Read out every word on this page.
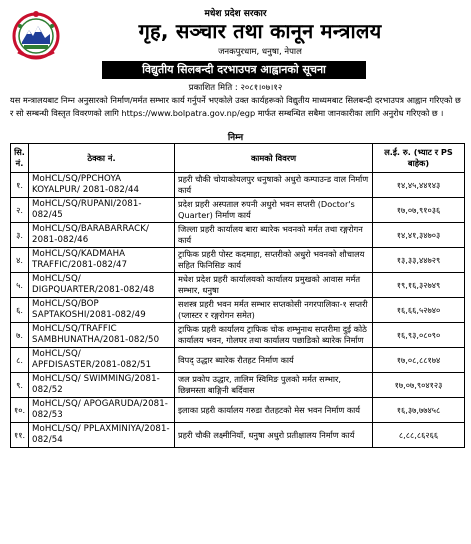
मधेश प्रदेश सरकार
गृह, सञ्चार तथा कानून मन्त्रालय
जनकपुरधाम, धनुषा, नेपाल
विद्युतीय सिलबन्दी दरभाउपत्र आह्वानको सूचना
प्रकाशित मिति : २०८१।०७।१२

यस मन्त्रालयबाट निम्न अनुसारको निर्माण/मर्मत सम्भार कार्य गर्नुपर्ने भएकोले उक्त कार्यहरूको विद्युतीय माध्यमबाट सिलबन्दी दरभाउपत्र आह्वान गरिएको छ र सो सम्बन्धी विस्तृत विवरणको लागि https://www.bolpatra.gov.np/egp मार्फत सम्बन्धित सबैमा जानकारीका लागि अनुरोध गरिएको छ ।

निम्न
सि. नं.	ठेक्का नं.	कामको विवरण	ल.ई. रु. (भ्याट र PS बाहेक)
१.	MoHCL/SQ/PPCHOYA KOYALPUR/ 2081-082/44	प्रहरी चौकी चोयाकोयलपुर धनुषाको अधुरो कम्पाउन्ड वाल निर्माण कार्य	१४,४५,४४१४३
२.	MoHCL/SQ/RUPANI/2081-082/45	प्रदेश प्रहरी अस्पताल रुपनी अधुरो भवन सप्तरी (Doctor's Quarter) निर्माण कार्य	१७,०७,९१०३६
३.	MoHCL/SQ/BARABARRACK/ 2081-082/46	जिल्ला प्रहरी कार्यालय बारा ब्यारेक भवनको मर्मत तथा रङ्गरोगन कार्य	१४,४१,३४७०३
४.	MoHCL/SQ/KADMAHA TRAFFIC/2081-082/47	ट्राफिक प्रहरी पोस्ट कदमाहा, सप्तरीको अधुरो भवनको शौचालय सहित फिनिसिङ कार्य	१३,३३,४४७२९
५.	MoHCL/SQ/ DIGPQUARTER/2081-082/48	मधेश प्रदेश प्रहरी कार्यालयको कार्यालय प्रमुखको आवास मर्मत सम्भार, धनुषा	१९,१६,३२७४९
६.	MoHCL/SQ/BOP SAPTAKOSHI/2081-082/49	सशस्त्र प्रहरी भवन मर्मत सम्भार सप्तकोसी नगरपालिका-१ सप्तरी (प्लास्टर र रङ्गरोगन समेत)	१६,६६,५२७४०
७.	MoHCL/SQ/TRAFFIC SAMBHUNATHA/2081-082/50	ट्राफिक प्रहरी कार्यालय ट्राफिक चोक शम्भुनाथ सप्तरीमा दुई कोठे कार्यालय भवन, गोलघर तथा कार्यालय पछाडिको ब्यारेक निर्माण	१६,९३,०८०९०
८.	MoHCL/SQ/ APFDISASTER/2081-082/51	विपद् उद्धार ब्यारेक रौतहट निर्माण कार्य	१७,०८,८८१७४
९.	MoHCL/SQ/ SWIMMING/2081-082/52	जल प्रकोप उद्धार, तालिम स्विमिङ पुलको मर्मत सम्भार, छिन्नमस्ता बाङ्गिनी बर्दिवास	१७,०७,९०४१२३
१०.	MoHCL/SQ/ APOGARUDA/2081-082/53	इलाका प्रहरी कार्यालय गरुडा रौतहटको मेस भवन निर्माण कार्य	१६,३७,७७४५८
११.	MoHCL/SQ/ PPLAXMINIYA/2081-082/54	प्रहरी चौकी लक्ष्मीनियाँ, धनुषा अधुरो प्रतीक्षालय निर्माण कार्य	८,८८,८६२६६
